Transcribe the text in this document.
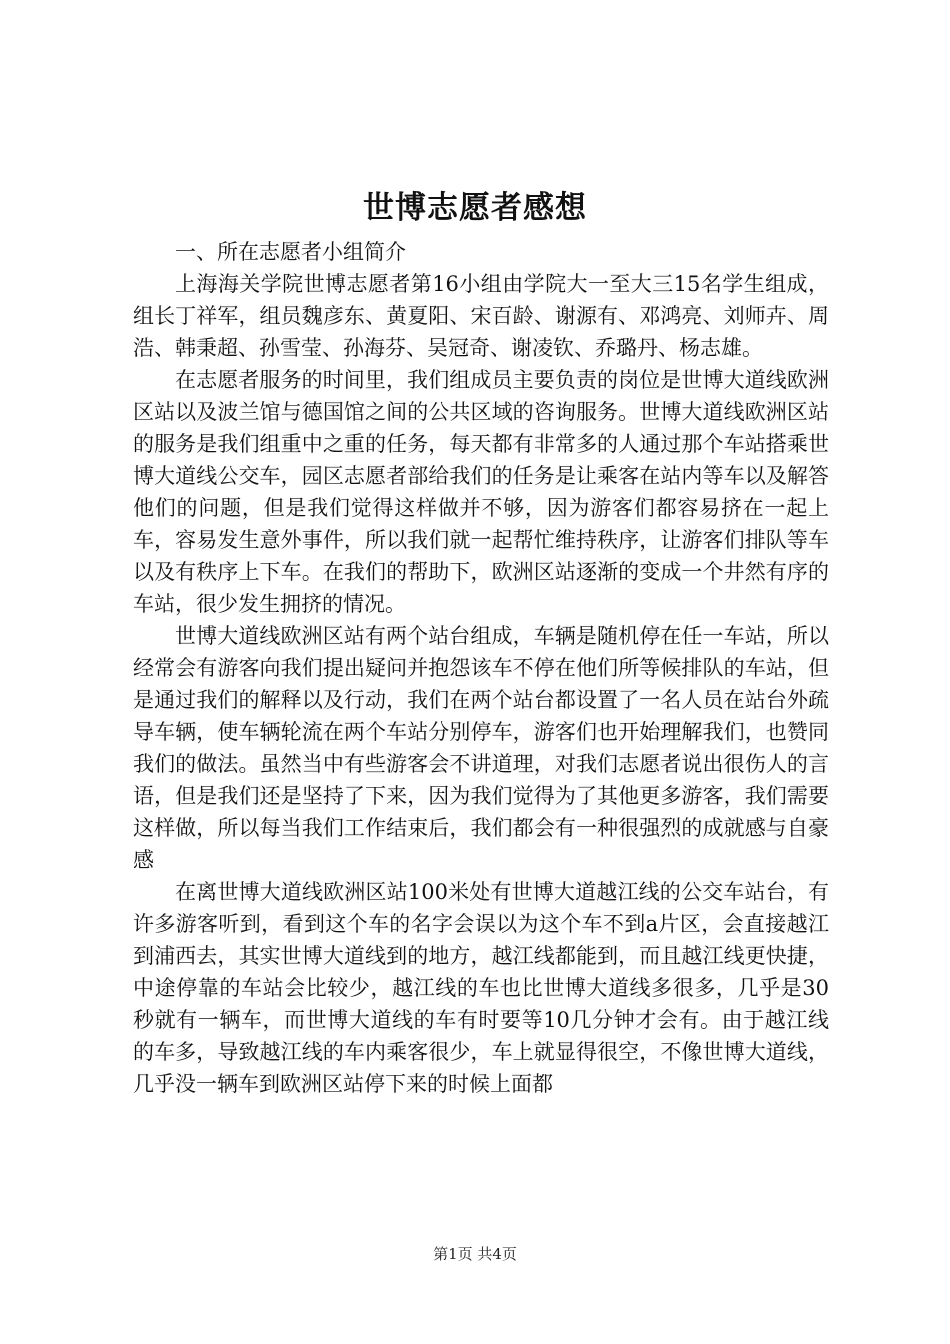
世博志愿者感想

一、所在志愿者小组简介

上海海关学院世博志愿者第16小组由学院大一至大三15名学生组成，组长丁祥军，组员魏彦东、黄夏阳、宋百龄、谢源有、邓鸿亮、刘师卉、周浩、韩秉超、孙雪莹、孙海芬、吴冠奇、谢凌钦、乔璐丹、杨志雄。

在志愿者服务的时间里，我们组成员主要负责的岗位是世博大道线欧洲区站以及波兰馆与德国馆之间的公共区域的咨询服务。世博大道线欧洲区站的服务是我们组重中之重的任务，每天都有非常多的人通过那个车站搭乘世博大道线公交车，园区志愿者部给我们的任务是让乘客在站内等车以及解答他们的问题，但是我们觉得这样做并不够，因为游客们都容易挤在一起上车，容易发生意外事件，所以我们就一起帮忙维持秩序，让游客们排队等车以及有秩序上下车。在我们的帮助下，欧洲区站逐渐的变成一个井然有序的车站，很少发生拥挤的情况。

世博大道线欧洲区站有两个站台组成，车辆是随机停在任一车站，所以经常会有游客向我们提出疑问并抱怨该车不停在他们所等候排队的车站，但是通过我们的解释以及行动，我们在两个站台都设置了一名人员在站台外疏导车辆，使车辆轮流在两个车站分别停车，游客们也开始理解我们，也赞同我们的做法。虽然当中有些游客会不讲道理，对我们志愿者说出很伤人的言语，但是我们还是坚持了下来，因为我们觉得为了其他更多游客，我们需要这样做，所以每当我们工作结束后，我们都会有一种很强烈的成就感与自豪感

在离世博大道线欧洲区站100米处有世博大道越江线的公交车站台，有许多游客听到，看到这个车的名字会误以为这个车不到a片区，会直接越江到浦西去，其实世博大道线到的地方，越江线都能到，而且越江线更快捷，中途停靠的车站会比较少，越江线的车也比世博大道线多很多，几乎是30秒就有一辆车，而世博大道线的车有时要等10几分钟才会有。由于越江线的车多，导致越江线的车内乘客很少，车上就显得很空，不像世博大道线，几乎没一辆车到欧洲区站停下来的时候上面都

第1页 共4页
